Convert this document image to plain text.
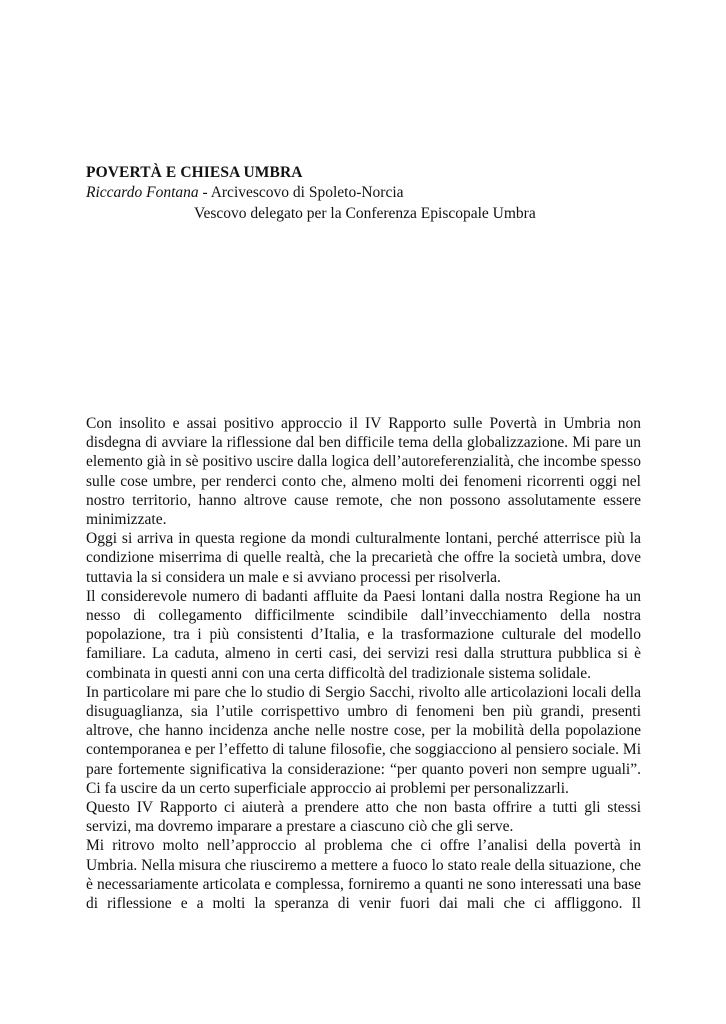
POVERTÀ E CHIESA UMBRA

Riccardo Fontana - Arcivescovo di Spoleto-Norcia

Vescovo delegato per la Conferenza Episcopale Umbra

Con insolito e assai positivo approccio il IV Rapporto sulle Povertà in Umbria non disdegna di avviare la riflessione dal ben difficile tema della globalizzazione. Mi pare un elemento già in sè positivo uscire dalla logica dell’autoreferenzialità, che incombe spesso sulle cose umbre, per renderci conto che, almeno molti dei fenomeni ricorrenti oggi nel nostro territorio, hanno altrove cause remote, che non possono assolutamente essere minimizzate.

Oggi si arriva in questa regione da mondi culturalmente lontani, perché atterrisce più la condizione miserrima di quelle realtà, che la precarietà che offre la società umbra, dove tuttavia la si considera un male e si avviano processi per risolverla.

Il considerevole numero di badanti affluite da Paesi lontani dalla nostra Regione ha un nesso di collegamento difficilmente scindibile dall’invecchiamento della nostra popolazione, tra i più consistenti d’Italia, e la trasformazione culturale del modello familiare. La caduta, almeno in certi casi, dei servizi resi dalla struttura pubblica si è combinata in questi anni con una certa difficoltà del tradizionale sistema solidale.

In particolare mi pare che lo studio di Sergio Sacchi, rivolto alle articolazioni locali della disuguaglianza, sia l’utile corrispettivo umbro di fenomeni ben più grandi, presenti altrove, che hanno incidenza anche nelle nostre cose, per la mobilità della popolazione contemporanea e per l’effetto di talune filosofie, che soggiacciono al pensiero sociale. Mi pare fortemente significativa la considerazione: “per quanto poveri non sempre uguali”. Ci fa uscire da un certo superficiale approccio ai problemi per personalizzarli.

Questo IV Rapporto ci aiuterà a prendere atto che non basta offrire a tutti gli stessi servizi, ma dovremo imparare a prestare a ciascuno ciò che gli serve.

Mi ritrovo molto nell’approccio al problema che ci offre l’analisi della povertà in Umbria. Nella misura che riusciremo a mettere a fuoco lo stato reale della situazione, che è necessariamente articolata e complessa, forniremo a quanti ne sono interessati una base di riflessione e a molti la speranza di venir fuori dai mali che ci affliggono. Il
